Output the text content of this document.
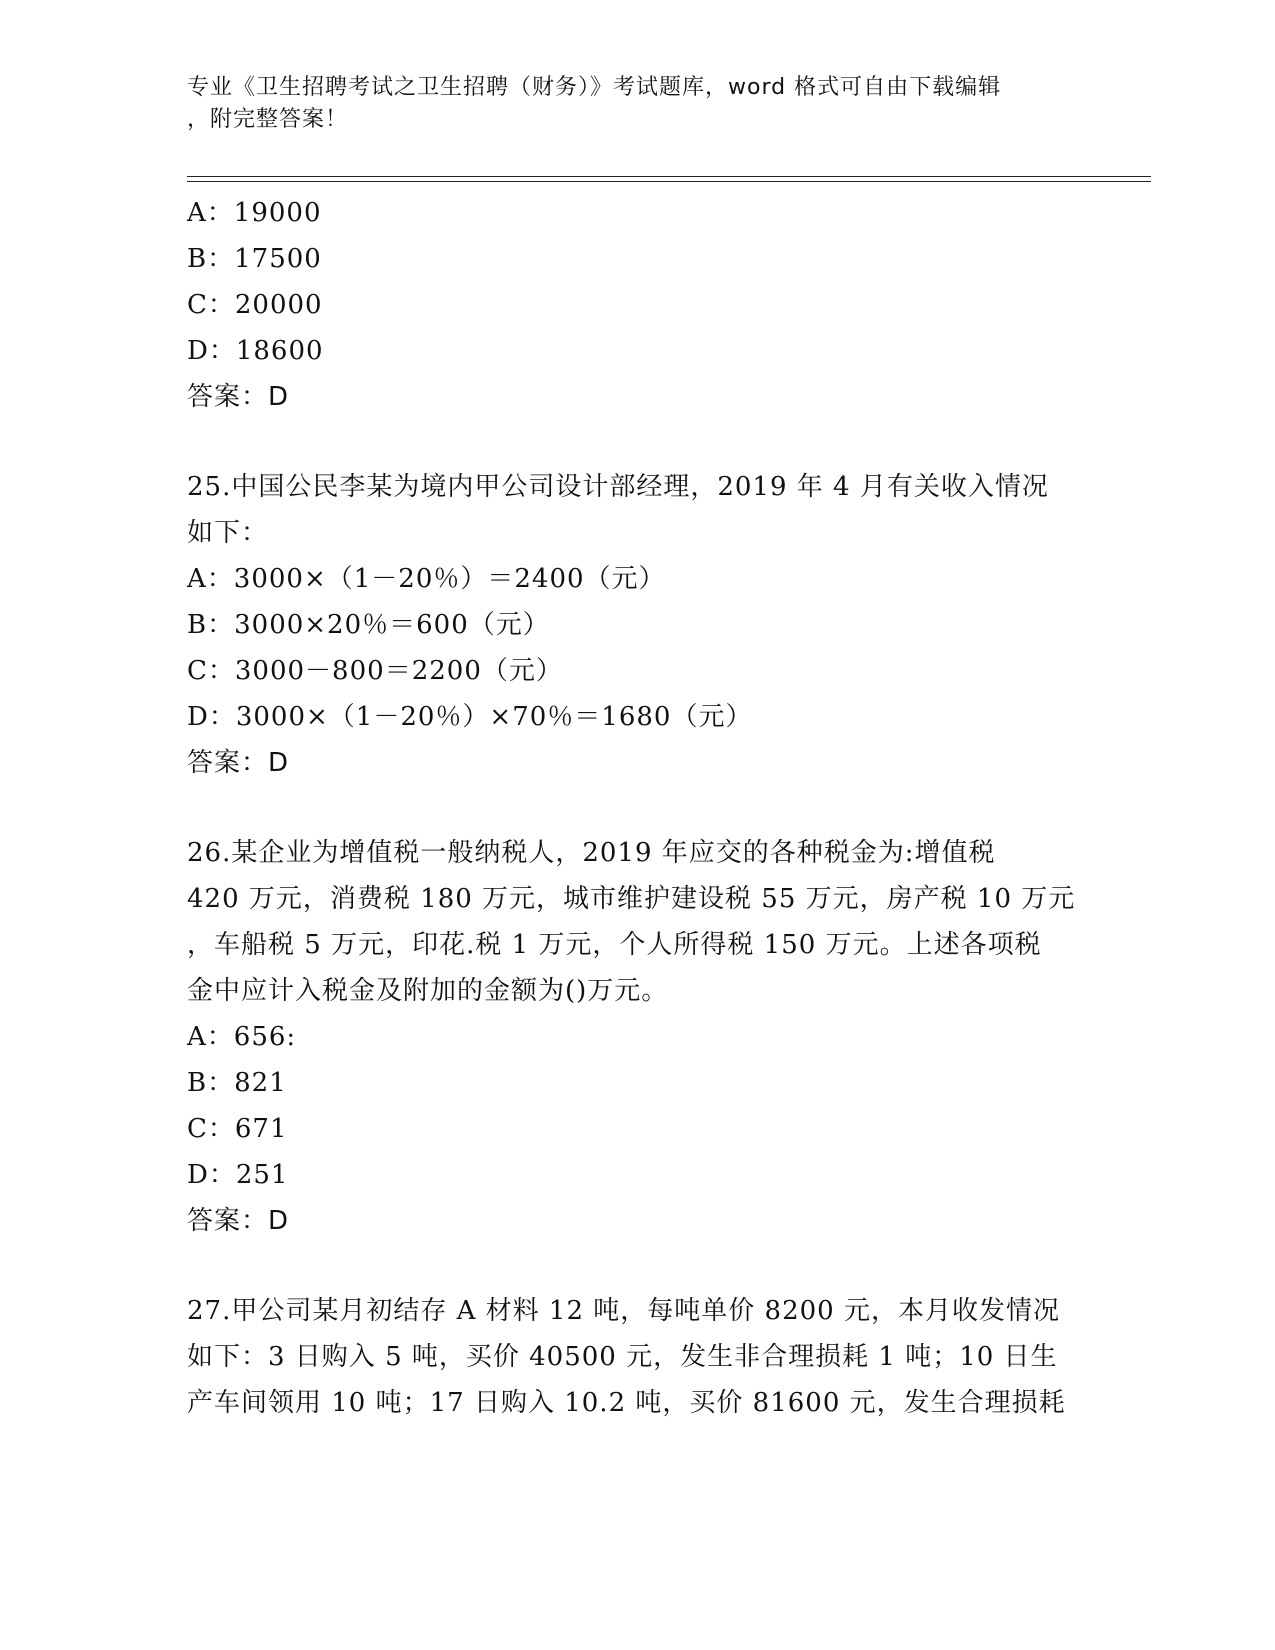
专业《卫生招聘考试之卫生招聘（财务）》考试题库，word 格式可自由下载编辑
，附完整答案！
A：19000
B：17500
C：20000
D：18600
答案：D
25.中国公民李某为境内甲公司设计部经理，2019 年 4 月有关收入情况
如下：
A：3000×（1－20％）＝2400（元）
B：3000×20％＝600（元）
C：3000－800＝2200（元）
D：3000×（1－20％）×70％＝1680（元）
答案：D
26.某企业为增值税一般纳税人，2019 年应交的各种税金为:增值税
420 万元，消费税 180 万元，城市维护建设税 55 万元，房产税 10 万元
，车船税 5 万元，印花.税 1 万元，个人所得税 150 万元。上述各项税
金中应计入税金及附加的金额为()万元。
A：656:
B：821
C：671
D：251
答案：D
27.甲公司某月初结存 A 材料 12 吨，每吨单价 8200 元，本月收发情况
如下：3 日购入 5 吨，买价 40500 元，发生非合理损耗 1 吨；10 日生
产车间领用 10 吨；17 日购入 10.2 吨，买价 81600 元，发生合理损耗
